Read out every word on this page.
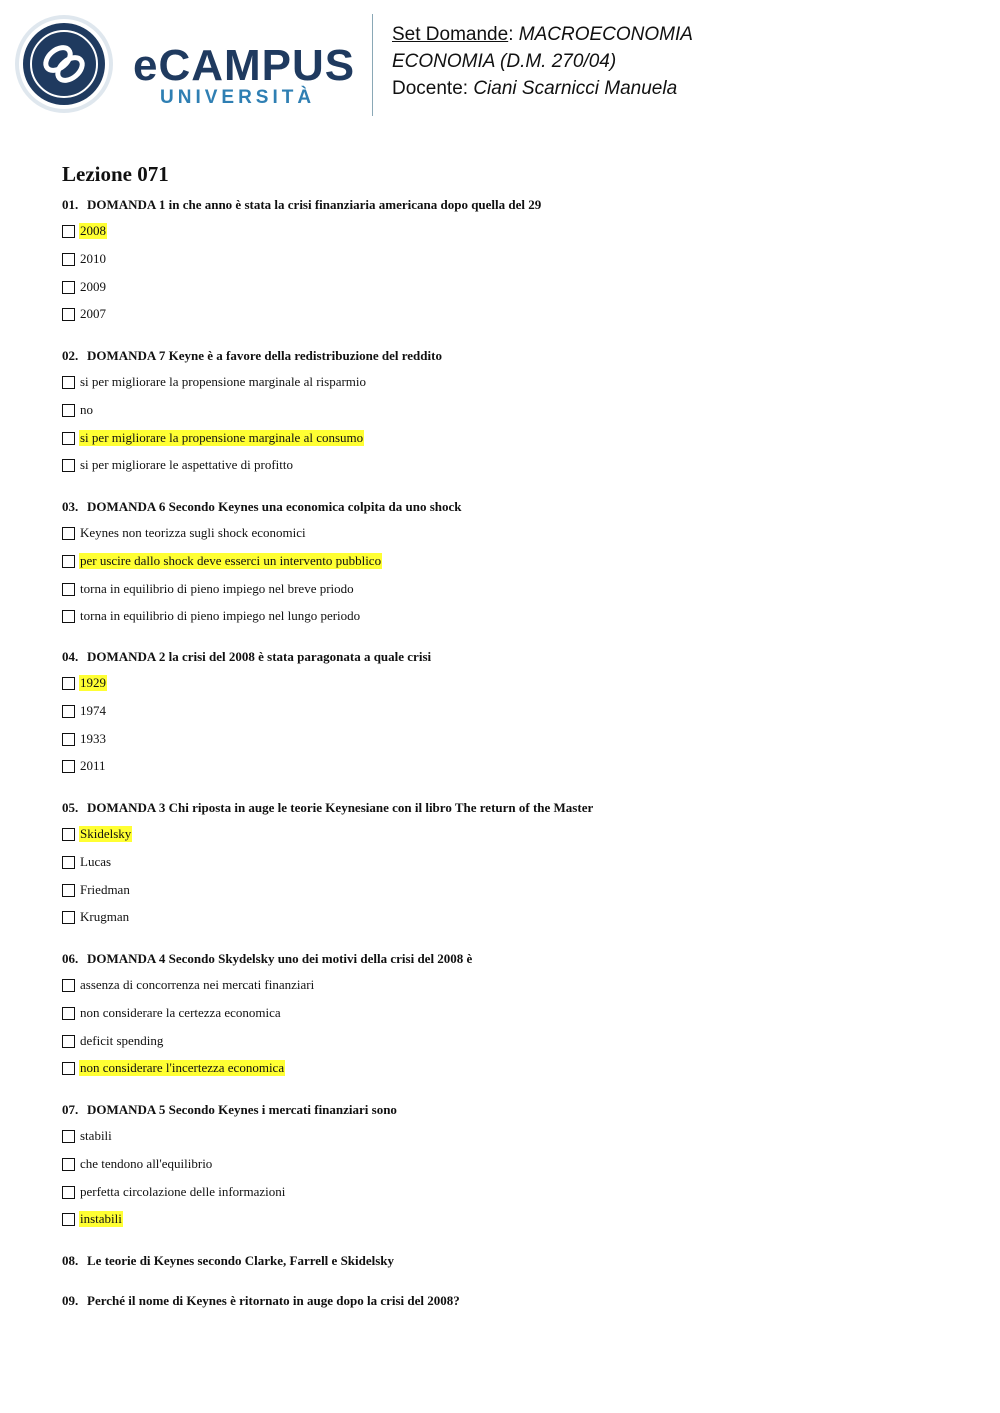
eCAMPUS
UNIVERSITÀ
Set Domande: MACROECONOMIA
ECONOMIA (D.M. 270/04)
Docente: Ciani Scarnicci Manuela
Lezione 071
01. DOMANDA 1 in che anno è stata la crisi finanziaria americana dopo quella del 29
2008
2010
2009
2007
02. DOMANDA 7 Keyne è a favore della redistribuzione del reddito
si per migliorare la propensione marginale al risparmio
no
si per migliorare la propensione marginale al consumo
si per migliorare le aspettative di profitto
03. DOMANDA 6 Secondo Keynes una economica colpita da uno shock
Keynes non teorizza sugli shock economici
per uscire dallo shock deve esserci un intervento pubblico
torna in equilibrio di pieno impiego nel breve priodo
torna in equilibrio di pieno impiego nel lungo periodo
04. DOMANDA 2 la crisi del 2008 è stata paragonata a quale crisi
1929
1974
1933
2011
05. DOMANDA 3 Chi riposta in auge le teorie Keynesiane con il libro The return of the Master
Skidelsky
Lucas
Friedman
Krugman
06. DOMANDA 4 Secondo Skydelsky uno dei motivi della crisi del 2008 è
assenza di concorrenza nei mercati finanziari
non considerare la certezza economica
deficit spending
non considerare l'incertezza economica
07. DOMANDA 5 Secondo Keynes i mercati finanziari sono
stabili
che tendono all'equilibrio
perfetta circolazione delle informazioni
instabili
08. Le teorie di Keynes secondo Clarke, Farrell e Skidelsky
09. Perché il nome di Keynes è ritornato in auge dopo la crisi del 2008?
